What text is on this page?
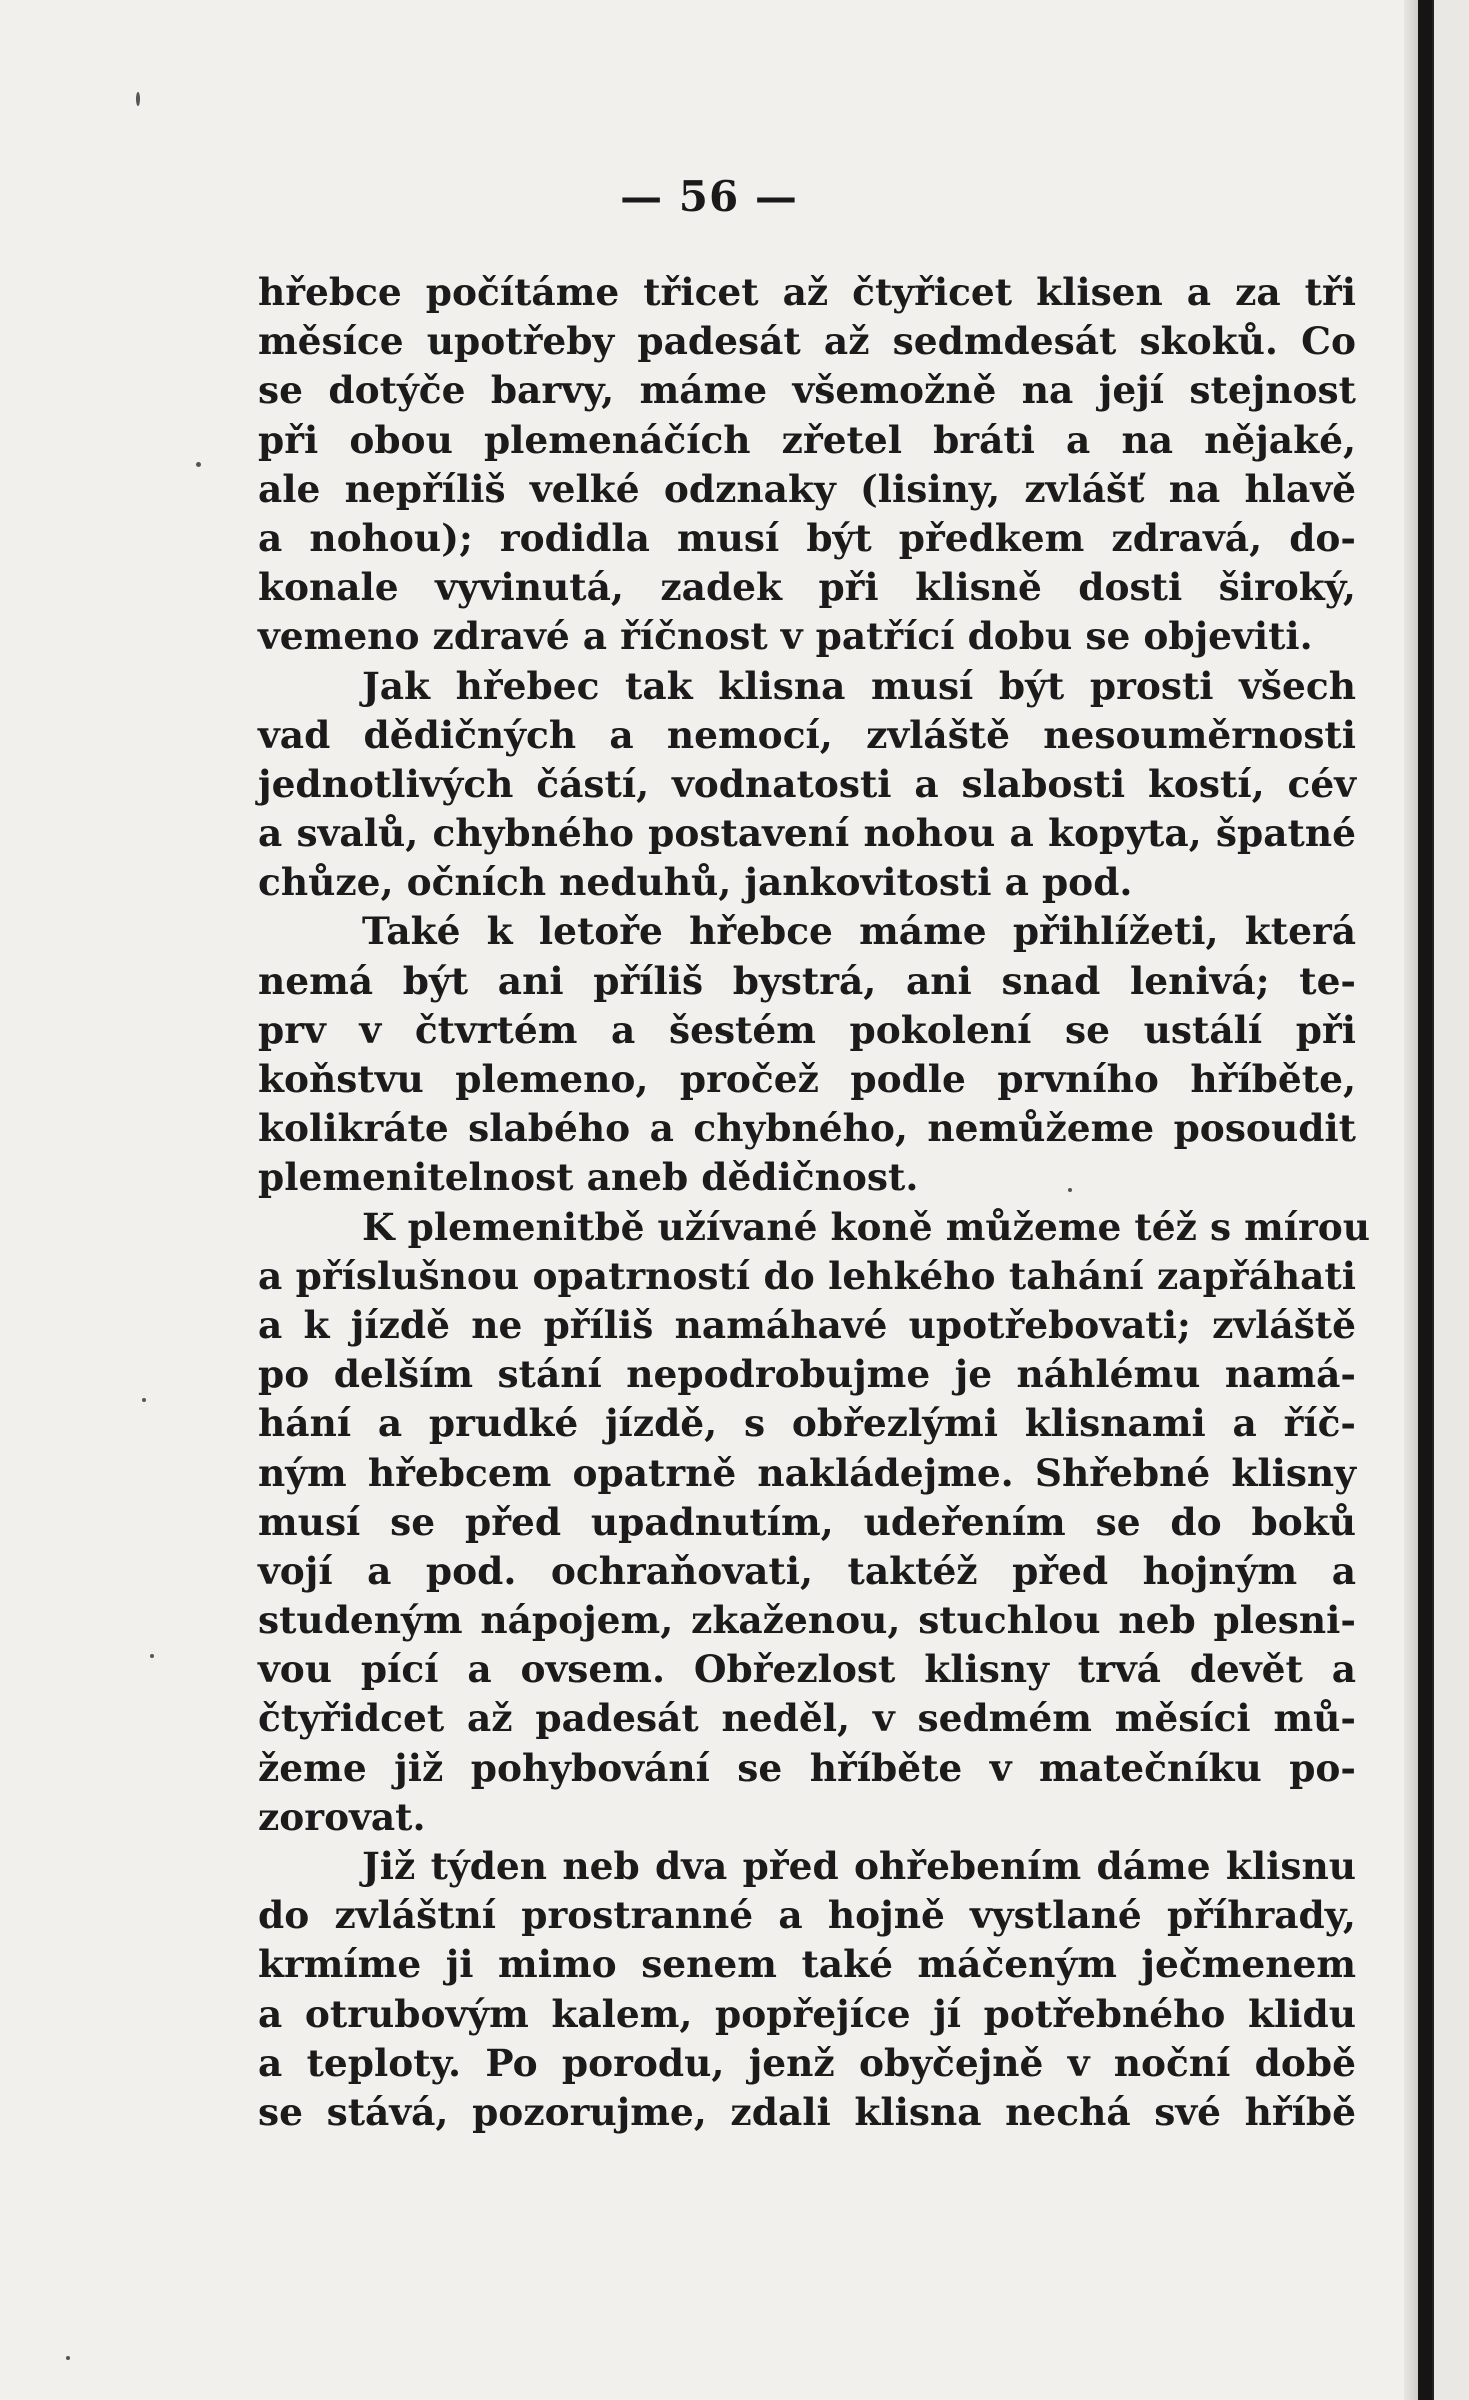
— 56 —
hřebce počítáme třicet až čtyřicet klisen a za tři
měsíce upotřeby padesát až sedmdesát skoků. Co
se dotýče barvy, máme všemožně na její stejnost
při obou plemenáčích zřetel bráti a na nějaké,
ale nepříliš velké odznaky (lisiny, zvlášť na hlavě
a nohou); rodidla musí být předkem zdravá, do-
konale vyvinutá, zadek při klisně dosti široký,
vemeno zdravé a říčnost v patřící dobu se objeviti.
Jak hřebec tak klisna musí být prosti všech
vad dědičných a nemocí, zvláště nesouměrnosti
jednotlivých částí, vodnatosti a slabosti kostí, cév
a svalů, chybného postavení nohou a kopyta, špatné
chůze, očních neduhů, jankovitosti a pod.
Také k letoře hřebce máme přihlížeti, která
nemá být ani příliš bystrá, ani snad lenivá; te-
prv v čtvrtém a šestém pokolení se ustálí při
koňstvu plemeno, pročež podle prvního hříběte,
kolikráte slabého a chybného, nemůžeme posoudit
plemenitelnost aneb dědičnost.
K plemenitbě užívané koně můžeme též s mírou
a příslušnou opatrností do lehkého tahání zapřáhati
a k jízdě ne příliš namáhavé upotřebovati; zvláště
po delším stání nepodrobujme je náhlému namá-
hání a prudké jízdě, s obřezlými klisnami a říč-
ným hřebcem opatrně nakládejme. Shřebné klisny
musí se před upadnutím, udeřením se do boků
vojí a pod. ochraňovati, taktéž před hojným a
studeným nápojem, zkaženou, stuchlou neb plesni-
vou pící a ovsem. Obřezlost klisny trvá devět a
čtyřidcet až padesát neděl, v sedmém měsíci mů-
žeme již pohybování se hříběte v matečníku po-
zorovat.
Již týden neb dva před ohřebením dáme klisnu
do zvláštní prostranné a hojně vystlané příhrady,
krmíme ji mimo senem také máčeným ječmenem
a otrubovým kalem, popřejíce jí potřebného klidu
a teploty. Po porodu, jenž obyčejně v noční době
se stává, pozorujme, zdali klisna nechá své hříbě
